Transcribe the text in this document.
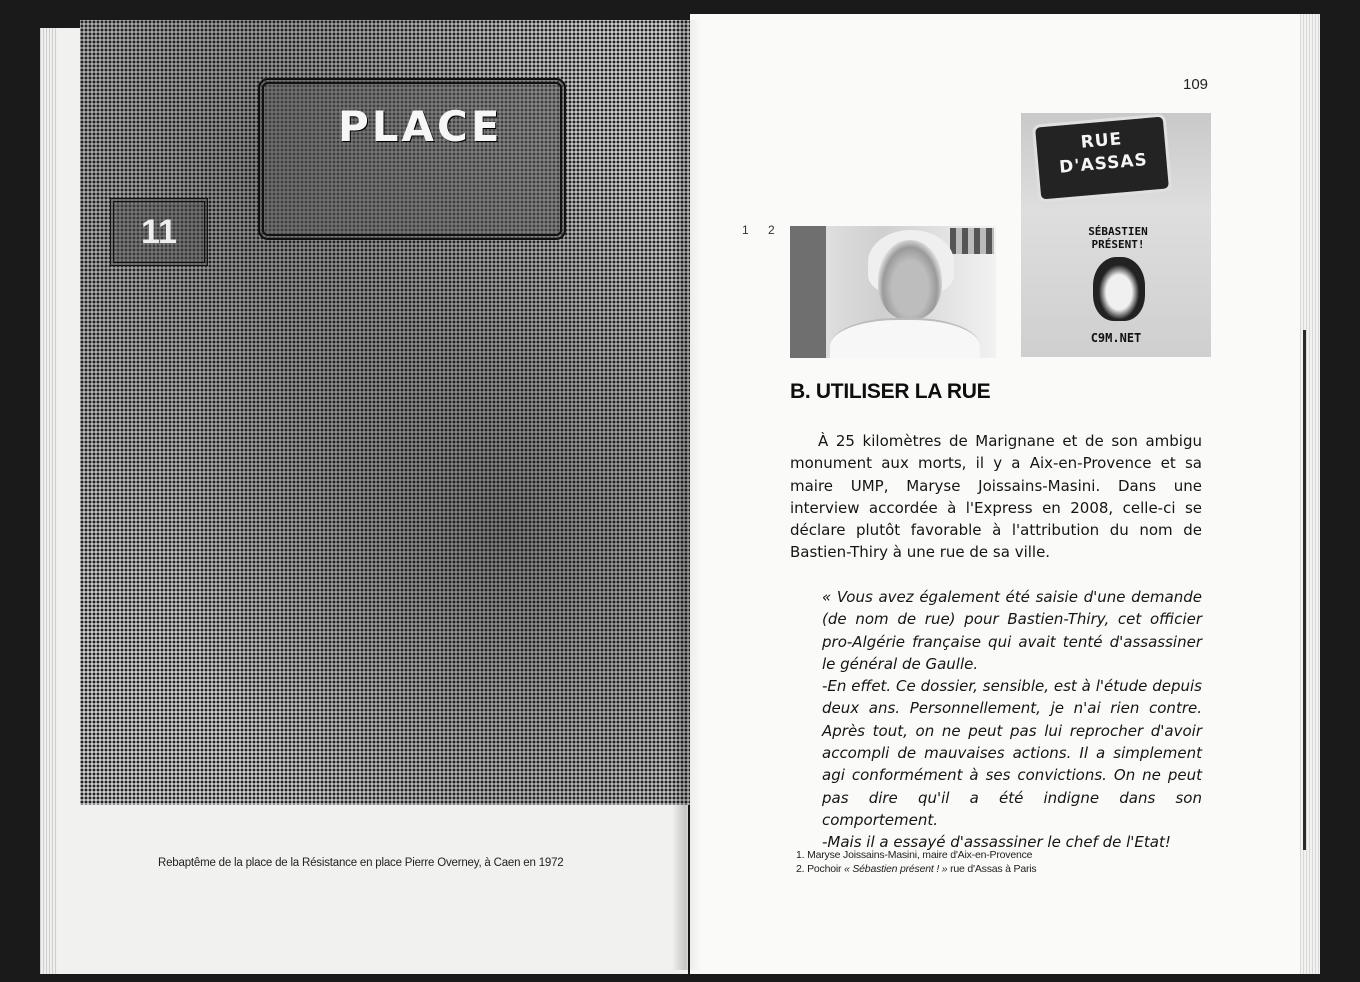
PLACE
11
Rebaptême de la place de la Résistance en place Pierre Overney, à Caen en 1972
109
1 2
RUE
D'ASSAS
SÉBASTIEN
PRÉSENT!
C9M.NET
B. UTILISER LA RUE

À 25 kilomètres de Marignane et de son ambigu monument aux morts, il y a Aix-en-Provence et sa maire UMP, Maryse Joissains-Masini. Dans une interview accordée à l'Express en 2008, celle-ci se déclare plutôt favorable à l'attribution du nom de Bastien-Thiry à une rue de sa ville.

« Vous avez également été saisie d'une demande (de nom de rue) pour Bastien-Thiry, cet officier pro-Algérie française qui avait tenté d'assassiner le général de Gaulle.

-En effet. Ce dossier, sensible, est à l'étude depuis deux ans. Personnellement, je n'ai rien contre. Après tout, on ne peut pas lui reprocher d'avoir accompli de mauvaises actions. Il a simplement agi conformément à ses convictions. On ne peut pas dire qu'il a été indigne dans son comportement.

-Mais il a essayé d'assassiner le chef de l'Etat!

1. Maryse Joissains-Masini, maire d'Aix-en-Provence
2. Pochoir « Sébastien présent ! » rue d'Assas à Paris
